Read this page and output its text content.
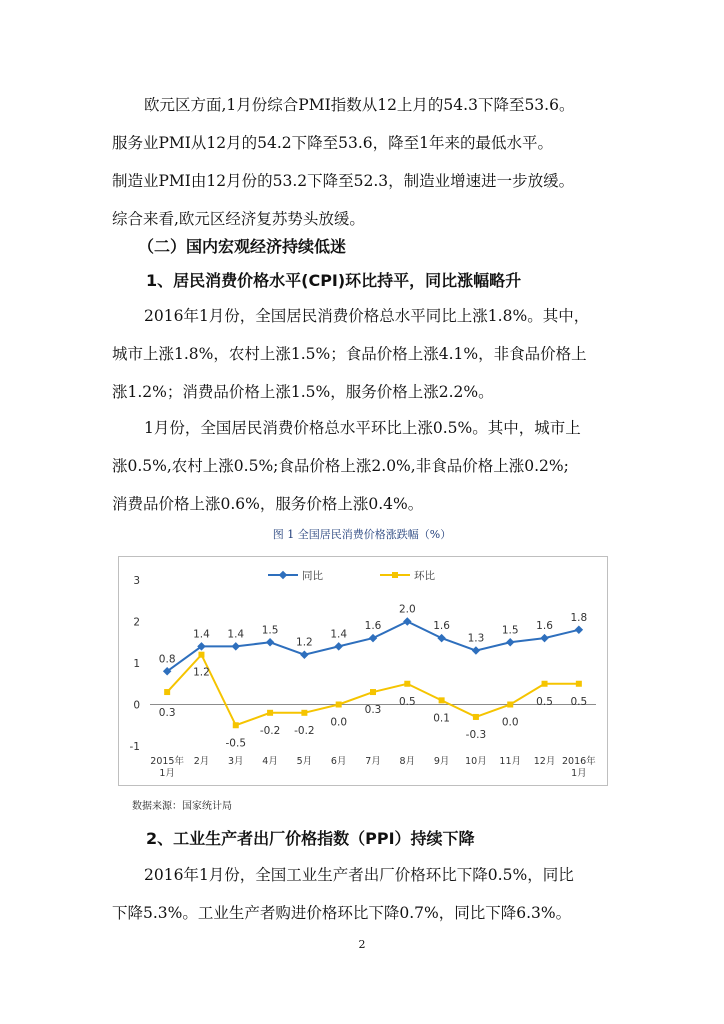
欧元区方面,1月份综合PMI指数从12上月的54.3下降至53.6。
服务业PMI从12月的54.2下降至53.6，降至1年来的最低水平。
制造业PMI由12月份的53.2下降至52.3，制造业增速进一步放缓。
综合来看,欧元区经济复苏势头放缓。
（二）国内宏观经济持续低迷
1、居民消费价格水平(CPI)环比持平，同比涨幅略升
2016年1月份，全国居民消费价格总水平同比上涨1.8%。其中，
城市上涨1.8%，农村上涨1.5%；食品价格上涨4.1%，非食品价格上
涨1.2%；消费品价格上涨1.5%，服务价格上涨2.2%。
1月份，全国居民消费价格总水平环比上涨0.5%。其中，城市上
涨0.5%,农村上涨0.5%;食品价格上涨2.0%,非食品价格上涨0.2%;
消费品价格上涨0.6%，服务价格上涨0.4%。
图 1 全国居民消费价格涨跌幅（%）
3
2
1
0
-1
2015年 1月
2月 3月 4月 5月 6月 7月 8月 9月 10月 11月 12月 2016年 1月
0.8
1.4 1.4 1.5
1.2
1.4
1.6
2.0
1.6
1.3
1.5 1.6
1.8
0.3
1.2
-0.5
-0.2 -0.2
0.0
0.3
0.5
0.1
-0.3
0.0
0.5 0.5
同比	环比
数据来源：国家统计局
2、工业生产者出厂价格指数（PPI）持续下降
2016年1月份，全国工业生产者出厂价格环比下降0.5%，同比
下降5.3%。工业生产者购进价格环比下降0.7%，同比下降6.3%。
2
